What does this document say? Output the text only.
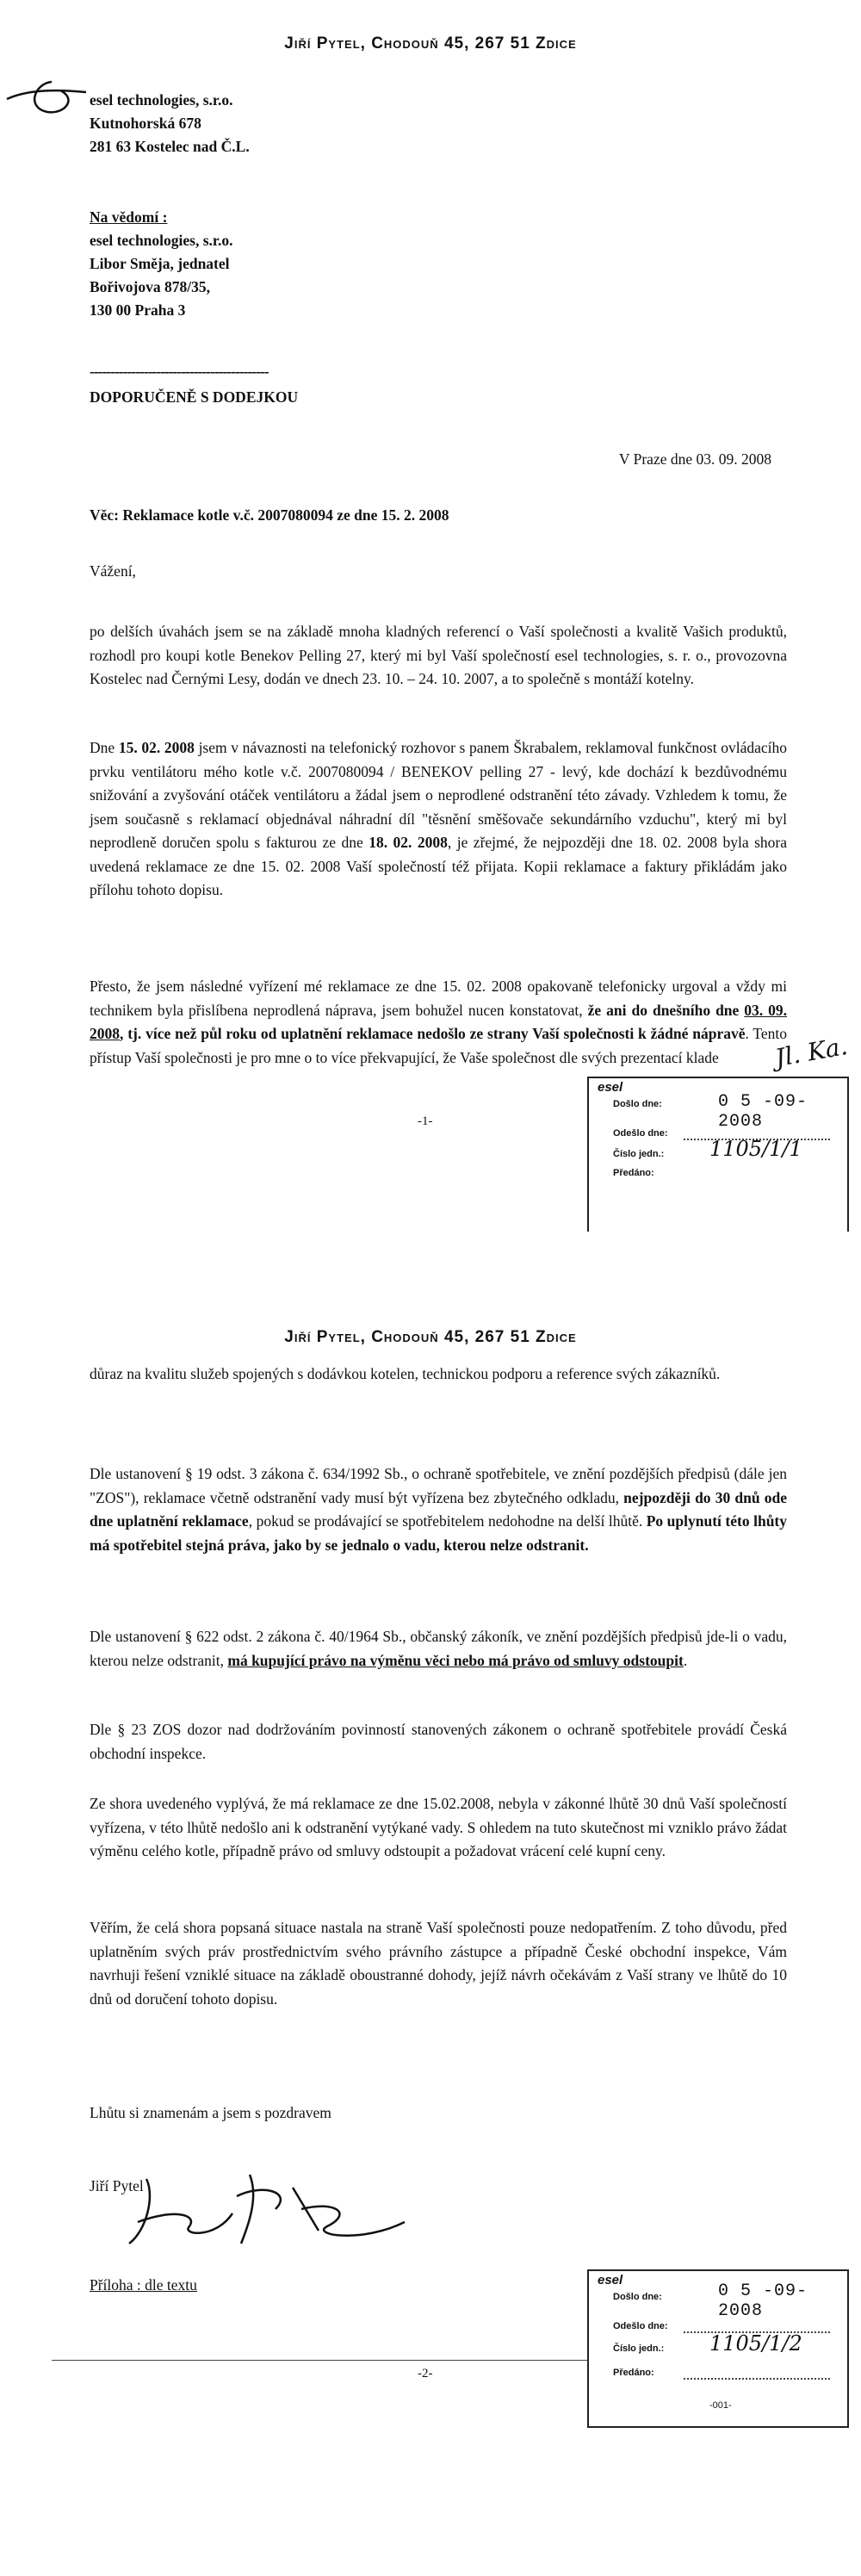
Jiří Pytel, Chodouň 45, 267 51 Zdice
esel technologies, s.r.o.
Kutnohorská 678
281 63 Kostelec nad Č.L.
Na vědomí :
esel technologies, s.r.o.
Libor Směja, jednatel
Bořivojova 878/35,
130 00 Praha 3
-------------------------------------------
DOPORUČENĚ S DODEJKOU
V Praze dne 03. 09. 2008
Věc: Reklamace kotle v.č. 2007080094 ze dne 15. 2. 2008
Vážení,
po delších úvahách jsem se na základě mnoha kladných referencí o Vaší společnosti a kvalitě Vašich produktů, rozhodl pro koupi kotle Benekov Pelling 27, který mi byl Vaší společností esel technologies, s. r. o., provozovna Kostelec nad Černými Lesy, dodán ve dnech 23. 10. – 24. 10. 2007, a to společně s montáží kotelny.
Dne 15. 02. 2008 jsem v návaznosti na telefonický rozhovor s panem Škrabalem, reklamoval funkčnost ovládacího prvku ventilátoru mého kotle v.č. 2007080094 / BENEKOV pelling 27 - levý, kde dochází k bezdůvodnému snižování a zvyšování otáček ventilátoru a žádal jsem o neprodlené odstranění této závady. Vzhledem k tomu, že jsem současně s reklamací objednával náhradní díl "těsnění směšovače sekundárního vzduchu", který mi byl neprodleně doručen spolu s fakturou ze dne 18. 02. 2008, je zřejmé, že nejpozději dne 18. 02. 2008 byla shora uvedená reklamace ze dne 15. 02. 2008 Vaší společností též přijata. Kopii reklamace a faktury přikládám jako přílohu tohoto dopisu.
Přesto, že jsem následné vyřízení mé reklamace ze dne 15. 02. 2008 opakovaně telefonicky urgoval a vždy mi technikem byla přislíbena neprodlená náprava, jsem bohužel nucen konstatovat, že ani do dnešního dne 03. 09. 2008, tj. více než půl roku od uplatnění reklamace nedošlo ze strany Vaší společnosti k žádné nápravě. Tento přístup Vaší společnosti je pro mne o to více překvapující, že Vaše společnost dle svých prezentací klade	Jl. Ka.
-1-
esel
Došlo dne:	0 5 -09- 2008
Odešlo dne:
Číslo jedn.: 1105/1/1
Předáno:
Jiří Pytel, Chodouň 45, 267 51 Zdice
důraz na kvalitu služeb spojených s dodávkou kotelen, technickou podporu a reference svých zákazníků.
Dle ustanovení § 19 odst. 3 zákona č. 634/1992 Sb., o ochraně spotřebitele, ve znění pozdějších předpisů (dále jen "ZOS"), reklamace včetně odstranění vady musí být vyřízena bez zbytečného odkladu, nejpozději do 30 dnů ode dne uplatnění reklamace, pokud se prodávající se spotřebitelem nedohodne na delší lhůtě. Po uplynutí této lhůty má spotřebitel stejná práva, jako by se jednalo o vadu, kterou nelze odstranit.
Dle ustanovení § 622 odst. 2 zákona č. 40/1964 Sb., občanský zákoník, ve znění pozdějších předpisů jde-li o vadu, kterou nelze odstranit, má kupující právo na výměnu věci nebo má právo od smluvy odstoupit.
Dle § 23 ZOS dozor nad dodržováním povinností stanovených zákonem o ochraně spotřebitele provádí Česká obchodní inspekce.
Ze shora uvedeného vyplývá, že má reklamace ze dne 15.02.2008, nebyla v zákonné lhůtě 30 dnů Vaší společností vyřízena, v této lhůtě nedošlo ani k odstranění vytýkané vady. S ohledem na tuto skutečnost mi vzniklo právo žádat výměnu celého kotle, případně právo od smluvy odstoupit a požadovat vrácení celé kupní ceny.
Věřím, že celá shora popsaná situace nastala na straně Vaší společnosti pouze nedopatřením. Z toho důvodu, před uplatněním svých práv prostřednictvím svého právního zástupce a případně České obchodní inspekce, Vám navrhuji řešení vzniklé situace na základě oboustranné dohody, jejíž návrh očekávám z Vaší strany ve lhůtě do 10 dnů od doručení tohoto dopisu.
Lhůtu si znamenám a jsem s pozdravem
Jiří Pytel
Příloha : dle textu
-2-
esel
Došlo dne:	0 5 -09- 2008
Odešlo dne:
Číslo jedn.: 1105/1/2
Předáno:
-001-
